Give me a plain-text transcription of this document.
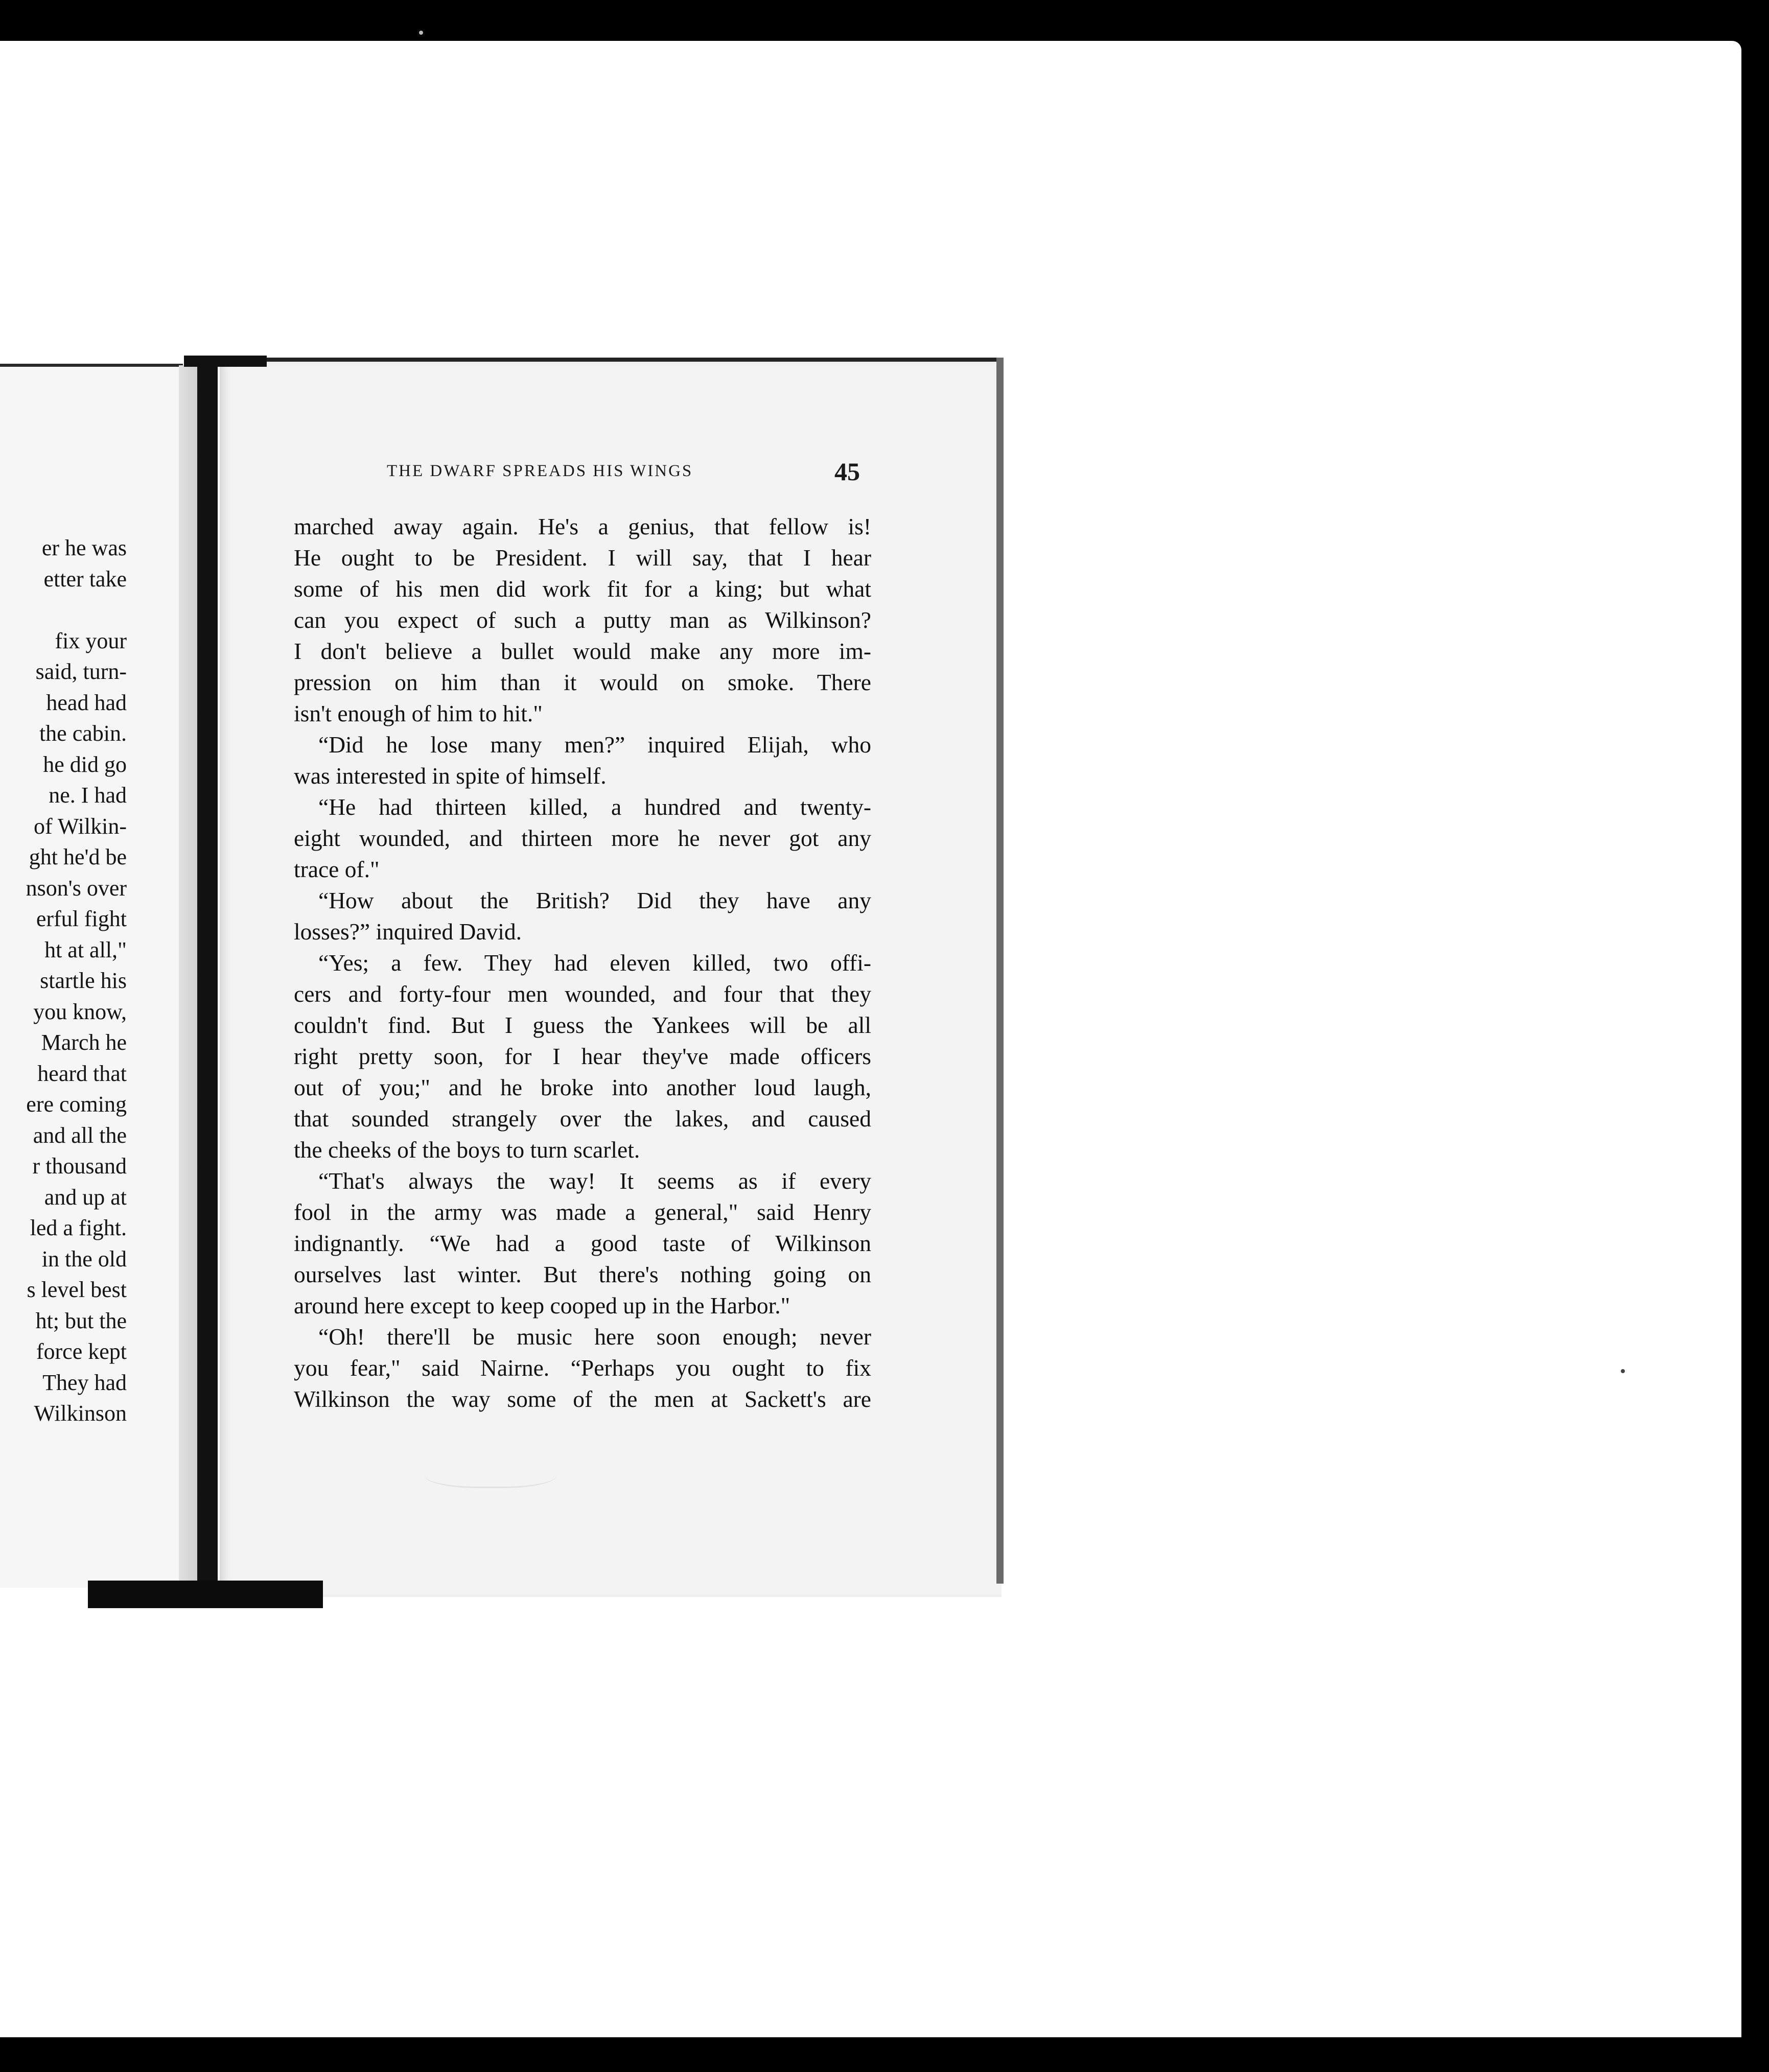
er he was
etter take
fix your
said, turn-
head had
the cabin.
he did go
ne. I had
of Wilkin-
ght he'd be
nson's over
erful fight
ht at all,"
startle his
you know,
March he
heard that
ere coming
and all the
r thousand
and up at
led a fight.
in the old
s level best
ht; but the
force kept
They had
Wilkinson
THE DWARF SPREADS HIS WINGS	45
marched away again. He's a genius, that fellow is!
He ought to be President. I will say, that I hear
some of his men did work fit for a king; but what
can you expect of such a putty man as Wilkinson?
I don't believe a bullet would make any more im-
pression on him than it would on smoke. There
isn't enough of him to hit."
“Did he lose many men?” inquired Elijah, who
was interested in spite of himself.
“He had thirteen killed, a hundred and twenty-
eight wounded, and thirteen more he never got any
trace of."
“How about the British? Did they have any
losses?” inquired David.
“Yes; a few. They had eleven killed, two offi-
cers and forty-four men wounded, and four that they
couldn't find. But I guess the Yankees will be all
right pretty soon, for I hear they've made officers
out of you;" and he broke into another loud laugh,
that sounded strangely over the lakes, and caused
the cheeks of the boys to turn scarlet.
“That's always the way! It seems as if every
fool in the army was made a general," said Henry
indignantly. “We had a good taste of Wilkinson
ourselves last winter. But there's nothing going on
around here except to keep cooped up in the Harbor."
“Oh! there'll be music here soon enough; never
you fear," said Nairne. “Perhaps you ought to fix
Wilkinson the way some of the men at Sackett's are
